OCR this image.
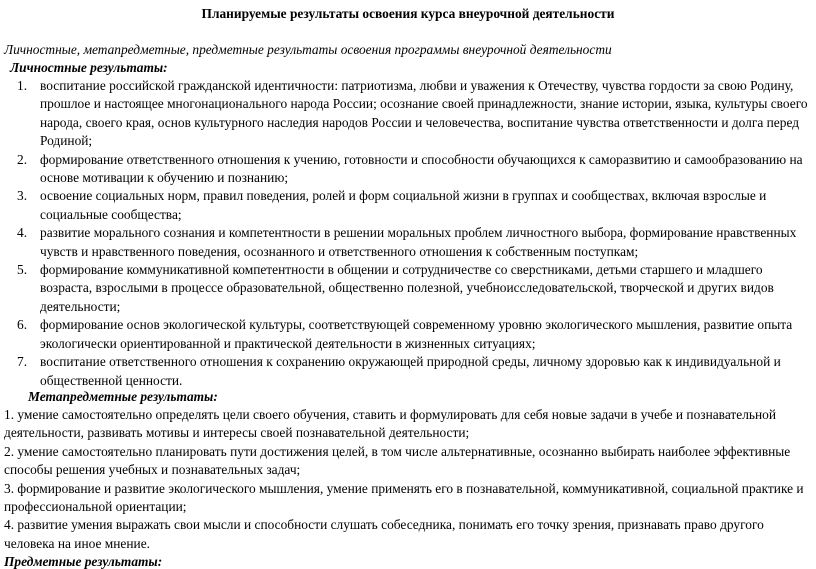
Планируемые результаты освоения курса внеурочной деятельности
Личностные, метапредметные, предметные результаты освоения программы внеурочной деятельности
Личностные результаты:
1. воспитание российской гражданской идентичности: патриотизма, любви и уважения к Отечеству, чувства гордости за свою Родину, прошлое и настоящее многонационального народа России; осознание своей принадлежности, знание истории, языка, культуры своего народа, своего края, основ культурного наследия народов России и человечества, воспитание чувства ответственности и долга перед Родиной;
2. формирование ответственного отношения к учению, готовности и способности обучающихся к саморазвитию и самообразованию на основе мотивации к обучению и познанию;
3. освоение социальных норм, правил поведения, ролей и форм социальной жизни в группах и сообществах, включая взрослые и социальные сообщества;
4. развитие морального сознания и компетентности в решении моральных проблем личностного выбора, формирование нравственных чувств и нравственного поведения, осознанного и ответственного отношения к собственным поступкам;
5. формирование коммуникативной компетентности в общении и сотрудничестве со сверстниками, детьми старшего и младшего возраста, взрослыми в процессе образовательной, общественно полезной, учебноисследовательской, творческой и других видов деятельности;
6. формирование основ экологической культуры, соответствующей современному уровню экологического мышления, развитие опыта экологически ориентированной и практической деятельности в жизненных ситуациях;
7. воспитание ответственного отношения к сохранению окружающей природной среды, личному здоровью как к индивидуальной и общественной ценности.
Метапредметные результаты:

1. умение самостоятельно определять цели своего обучения, ставить и формулировать для себя новые задачи в учебе и познавательной деятельности, развивать мотивы и интересы своей познавательной деятельности;

2. умение самостоятельно планировать пути достижения целей, в том числе альтернативные, осознанно выбирать наиболее эффективные способы решения учебных и познавательных задач;

3. формирование и развитие экологического мышления, умение применять его в познавательной, коммуникативной, социальной практике и профессиональной ориентации;

4. развитие умения выражать свои мысли и способности слушать собеседника, понимать его точку зрения, признавать право другого человека на иное мнение.

Предметные результаты:
